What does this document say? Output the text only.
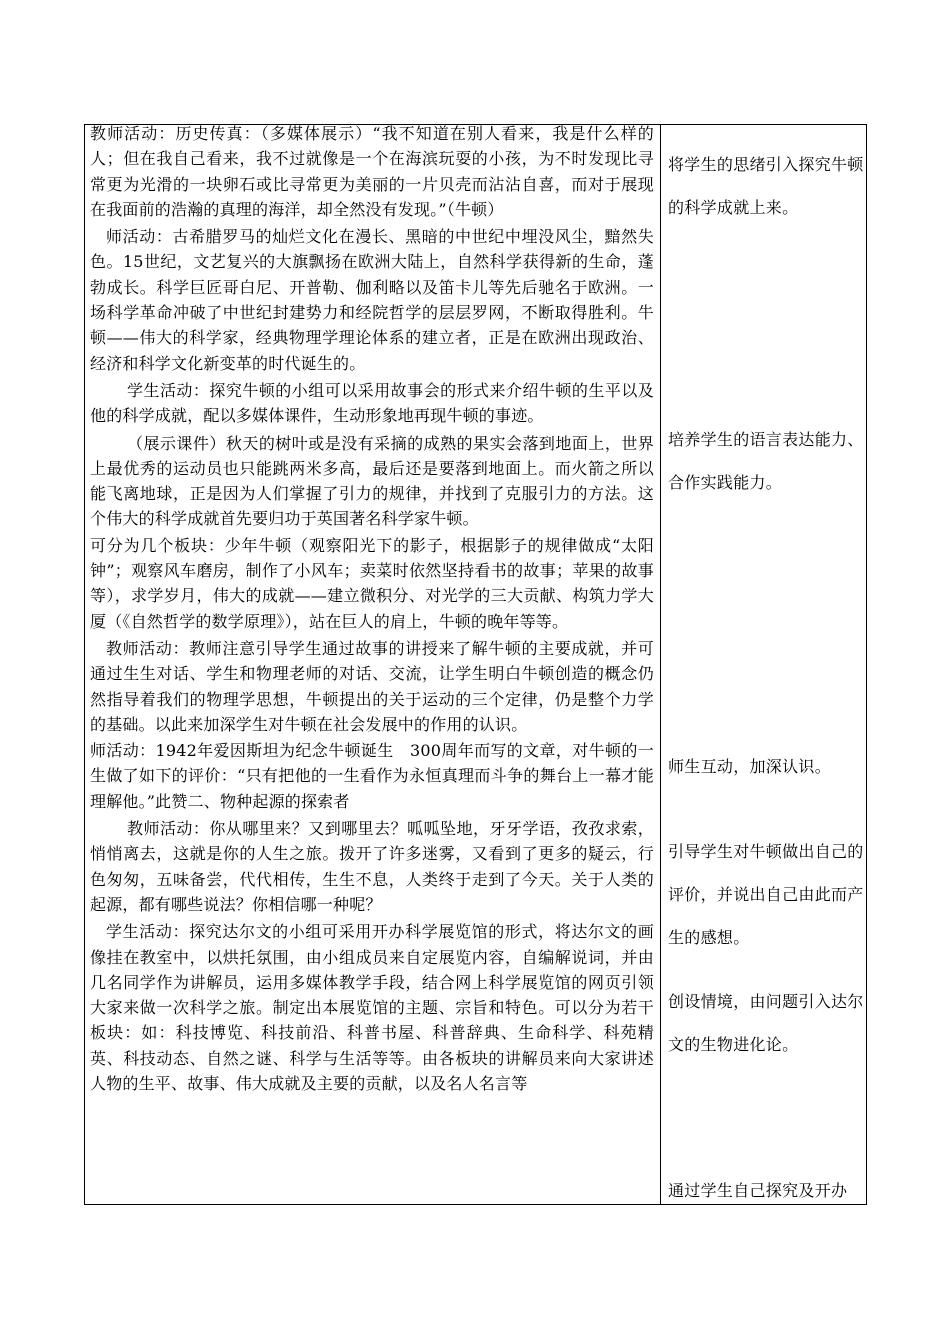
教师活动：历史传真：（多媒体展示）“我不知道在别人看来，我是什么样的人；但在我自己看来，我不过就像是一个在海滨玩耍的小孩，为不时发现比寻常更为光滑的一块卵石或比寻常更为美丽的一片贝壳而沾沾自喜，而对于展现在我面前的浩瀚的真理的海洋，却全然没有发现。”（牛顿）

师活动：古希腊罗马的灿烂文化在漫长、黑暗的中世纪中埋没风尘，黯然失色。15世纪，文艺复兴的大旗飘扬在欧洲大陆上，自然科学获得新的生命，蓬勃成长。科学巨匠哥白尼、开普勒、伽利略以及笛卡儿等先后驰名于欧洲。一场科学革命冲破了中世纪封建势力和经院哲学的层层罗网，不断取得胜利。牛顿——伟大的科学家，经典物理学理论体系的建立者，正是在欧洲出现政治、经济和科学文化新变革的时代诞生的。

学生活动：探究牛顿的小组可以采用故事会的形式来介绍牛顿的生平以及他的科学成就，配以多媒体课件，生动形象地再现牛顿的事迹。

（展示课件）秋天的树叶或是没有采摘的成熟的果实会落到地面上，世界上最优秀的运动员也只能跳两米多高，最后还是要落到地面上。而火箭之所以能飞离地球，正是因为人们掌握了引力的规律，并找到了克服引力的方法。这个伟大的科学成就首先要归功于英国著名科学家牛顿。

可分为几个板块：少年牛顿（观察阳光下的影子，根据影子的规律做成“太阳钟”；观察风车磨房，制作了小风车；卖菜时依然坚持看书的故事；苹果的故事等），求学岁月，伟大的成就——建立微积分、对光学的三大贡献、构筑力学大厦（《自然哲学的数学原理》），站在巨人的肩上，牛顿的晚年等等。

教师活动：教师注意引导学生通过故事的讲授来了解牛顿的主要成就，并可通过生生对话、学生和物理老师的对话、交流，让学生明白牛顿创造的概念仍然指导着我们的物理学思想，牛顿提出的关于运动的三个定律，仍是整个力学的基础。以此来加深学生对牛顿在社会发展中的作用的认识。

师活动：1942年爱因斯坦为纪念牛顿诞生　300周年而写的文章，对牛顿的一生做了如下的评价：“只有把他的一生看作为永恒真理而斗争的舞台上一幕才能理解他。”此赞二、物种起源的探索者

教师活动：你从哪里来？又到哪里去？呱呱坠地，牙牙学语，孜孜求索，悄悄离去，这就是你的人生之旅。拨开了许多迷雾，又看到了更多的疑云，行色匆匆，五味备尝，代代相传，生生不息，人类终于走到了今天。关于人类的起源，都有哪些说法？你相信哪一种呢？

学生活动：探究达尔文的小组可采用开办科学展览馆的形式，将达尔文的画像挂在教室中，以烘托氛围，由小组成员来自定展览内容，自编解说词，并由几名同学作为讲解员，运用多媒体教学手段，结合网上科学展览馆的网页引领大家来做一次科学之旅。制定出本展览馆的主题、宗旨和特色。可以分为若干板块：如：科技博览、科技前沿、科普书屋、科普辞典、生命科学、科苑精英、科技动态、自然之谜、科学与生活等等。由各板块的讲解员来向大家讲述人物的生平、故事、伟大成就及主要的贡献，以及名人名言等

将学生的思绪引入探究牛顿的科学成就上来。

培养学生的语言表达能力、合作实践能力。

师生互动，加深认识。

引导学生对牛顿做出自己的评价，并说出自己由此而产生的感想。

创设情境，由问题引入达尔文的生物进化论。

通过学生自己探究及开办
